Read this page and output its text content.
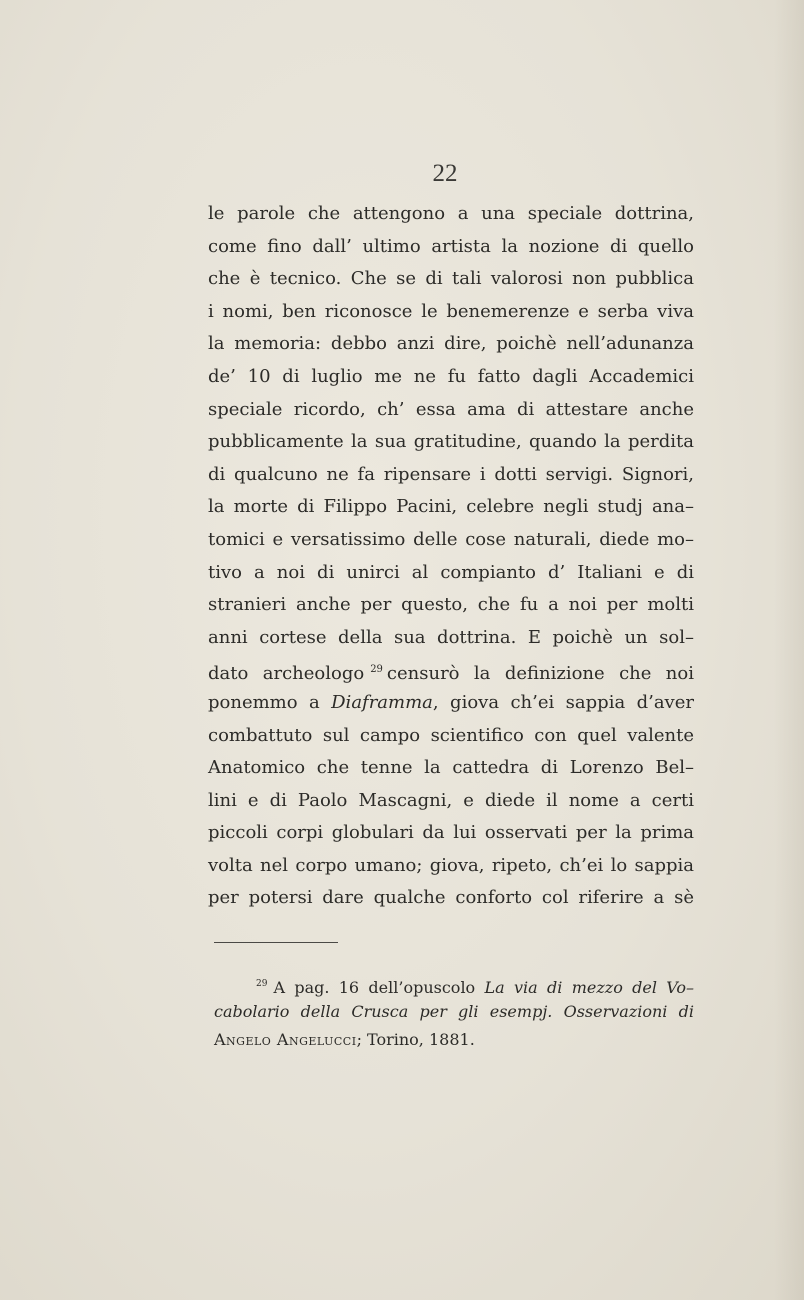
22
le parole che attengono a una speciale dottrina,
come fino dall’ ultimo artista la nozione di quello
che è tecnico. Che se di tali valorosi non pubblica
i nomi, ben riconosce le benemerenze e serba viva
la memoria: debbo anzi dire, poichè nell’adunanza
de’ 10 di luglio me ne fu fatto dagli Accademici
speciale ricordo, ch’ essa ama di attestare anche
pubblicamente la sua gratitudine, quando la perdita
di qualcuno ne fa ripensare i dotti servigi. Signori,
la morte di Filippo Pacini, celebre negli studj ana–
tomici e versatissimo delle cose naturali, diede mo–
tivo a noi di unirci al compianto d’ Italiani e di
stranieri anche per questo, che fu a noi per molti
anni cortese della sua dottrina. E poichè un sol–
dato archeologo $^{29}$ censurò la definizione che noi
ponemmo a Diaframma, giova ch’ei sappia d’aver
combattuto sul campo scientifico con quel valente
Anatomico che tenne la cattedra di Lorenzo Bel–
lini e di Paolo Mascagni, e diede il nome a certi
piccoli corpi globulari da lui osservati per la prima
volta nel corpo umano; giova, ripeto, ch’ei lo sappia
per potersi dare qualche conforto col riferire a sè
$^{29}$ A pag. 16 dell’opuscolo La via di mezzo del Vo–
cabolario della Crusca per gli esempj. Osservazioni di
Angelo Angelucci; Torino, 1881.
